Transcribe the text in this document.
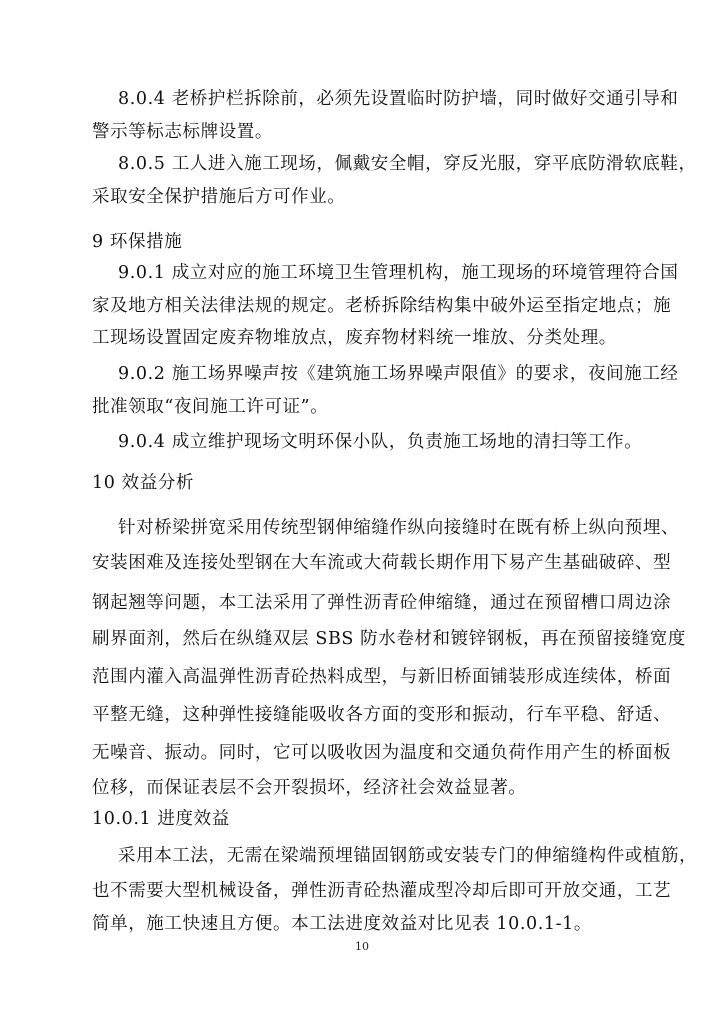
8.0.4 老桥护栏拆除前，必须先设置临时防护墙，同时做好交通引导和
警示等标志标牌设置。
8.0.5 工人进入施工现场，佩戴安全帽，穿反光服，穿平底防滑软底鞋，
采取安全保护措施后方可作业。
9 环保措施
9.0.1 成立对应的施工环境卫生管理机构，施工现场的环境管理符合国
家及地方相关法律法规的规定。老桥拆除结构集中破外运至指定地点；施
工现场设置固定废弃物堆放点，废弃物材料统一堆放、分类处理。
9.0.2 施工场界噪声按《建筑施工场界噪声限值》的要求，夜间施工经
批准领取“夜间施工许可证”。
9.0.4 成立维护现场文明环保小队，负责施工场地的清扫等工作。
10 效益分析
针对桥梁拼宽采用传统型钢伸缩缝作纵向接缝时在既有桥上纵向预埋、
安装困难及连接处型钢在大车流或大荷载长期作用下易产生基础破碎、型
钢起翘等问题，本工法采用了弹性沥青砼伸缩缝，通过在预留槽口周边涂
刷界面剂，然后在纵缝双层 SBS 防水卷材和镀锌钢板，再在预留接缝宽度
范围内灌入高温弹性沥青砼热料成型，与新旧桥面铺装形成连续体，桥面
平整无缝，这种弹性接缝能吸收各方面的变形和振动，行车平稳、舒适、
无噪音、振动。同时，它可以吸收因为温度和交通负荷作用产生的桥面板
位移，而保证表层不会开裂损坏，经济社会效益显著。
10.0.1 进度效益
采用本工法，无需在梁端预埋锚固钢筋或安装专门的伸缩缝构件或植筋，
也不需要大型机械设备，弹性沥青砼热灌成型冷却后即可开放交通，工艺
简单，施工快速且方便。本工法进度效益对比见表 10.0.1-1。
10
